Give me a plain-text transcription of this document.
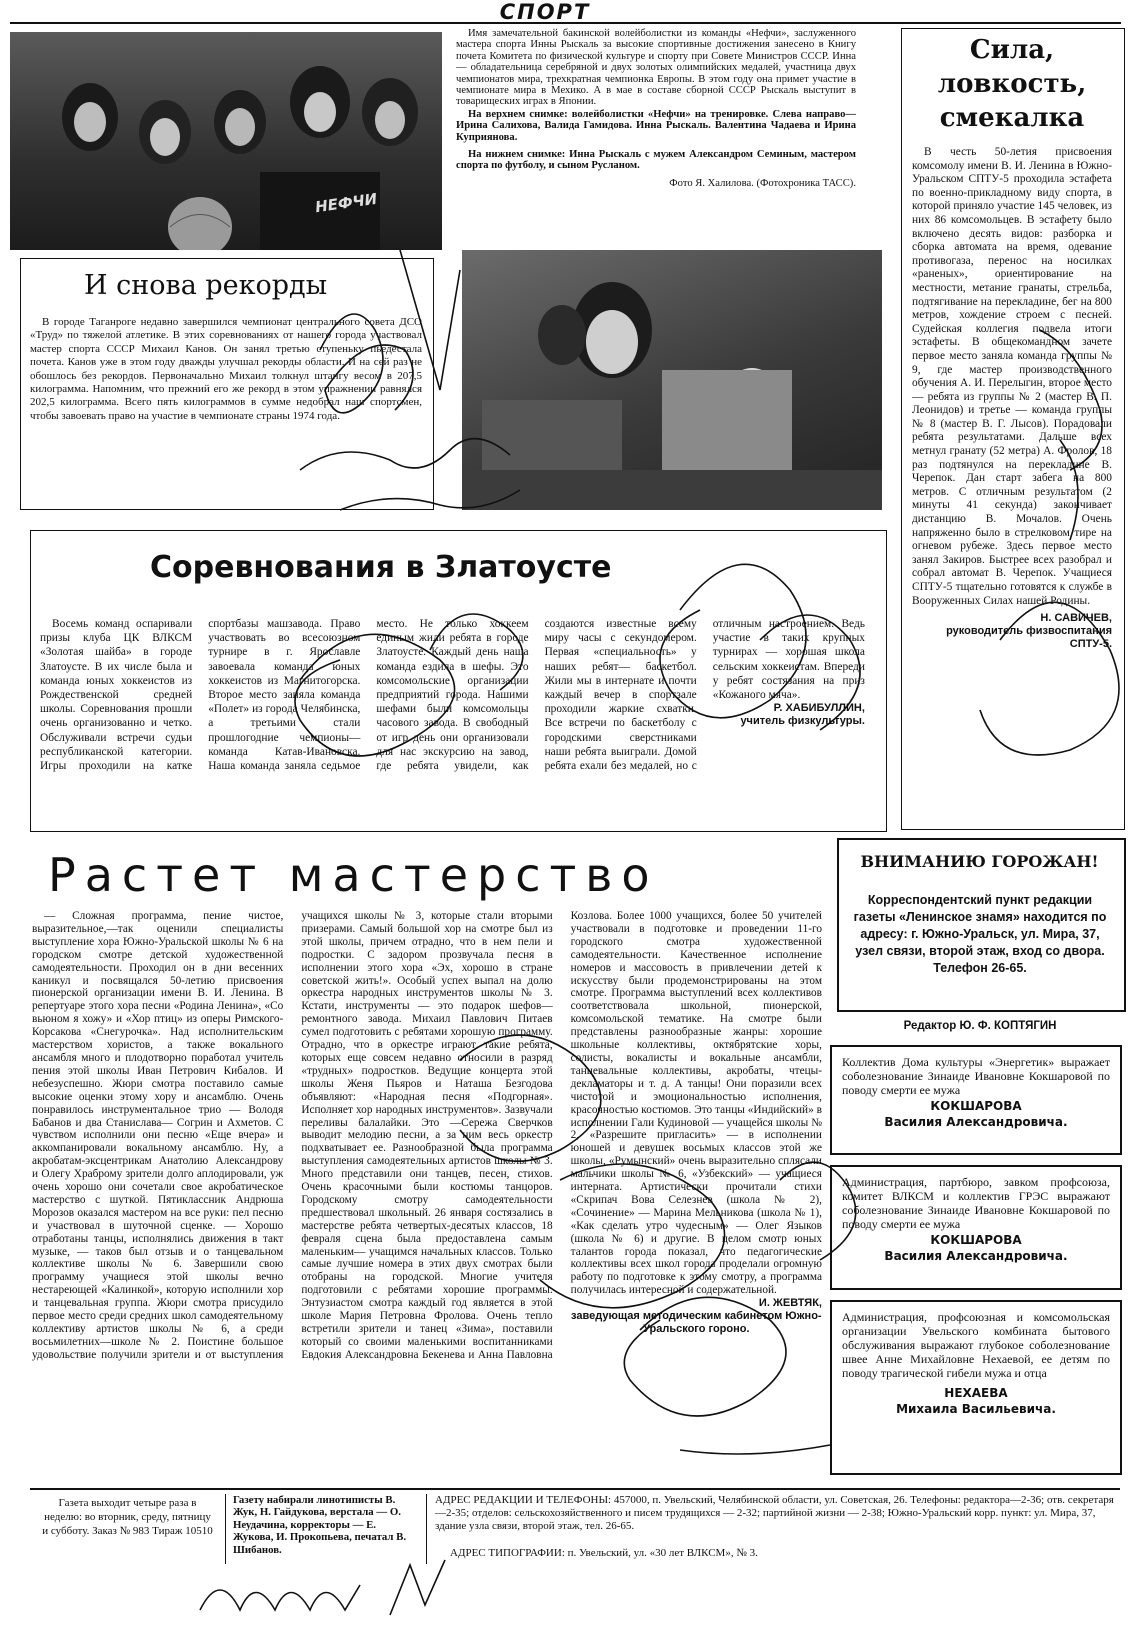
СПОРТ
НЕФЧИ

Имя замечательной бакинской волейболистки из команды «Нефчи», заслуженного мастера спорта Инны Рыскаль за высокие спортивные достижения занесено в Книгу почета Комитета по физической культуре и спорту при Совете Министров СССР. Инна — обладательница серебряной и двух золотых олимпийских медалей, участница двух чемпионатов мира, трехкратная чемпионка Европы. В этом году она примет участие в чемпионате мира в Мехико. А в мае в составе сборной СССР Рыскаль выступит в товарищеских играх в Японии.

На верхнем снимке: волейболистки «Нефчи» на тренировке. Слева направо—Ирина Салихова, Валида Гамидова. Инна Рыскаль. Валентина Чадаева и Ирина Куприянова.

На нижнем снимке: Инна Рыскаль с мужем Александром Семиным, мастером спорта по футболу, и сыном Русланом.

Фото Я. Халилова. (Фотохроника ТАСС).
Сила, ловкость, смекалка

В честь 50-летия присвоения комсомолу имени В. И. Ленина в Южно-Уральском СПТУ-5 проходила эстафета по военно-прикладному виду спорта, в которой приняло участие 145 человек, из них 86 комсомольцев. В эстафету было включено десять видов: разборка и сборка автомата на время, одевание противогаза, перенос на носилках «раненых», ориентирование на местности, метание гранаты, стрельба, подтягивание на перекладине, бег на 800 метров, хождение строем с песней. Судейская коллегия подвела итоги эстафеты. В общекомандном зачете первое место заняла команда группы № 9, где мастер производственного обучения А. И. Перелыгин, второе место — ребята из группы № 2 (мастер В. П. Леонидов) и третье — команда группы № 8 (мастер В. Г. Лысов). Порадовали ребята результатами. Дальше всех метнул гранату (52 метра) А. Фролов, 18 раз подтянулся на перекладине В. Черепок. Дан старт забега на 800 метров. С отличным результатом (2 минуты 41 секунда) закончивает дистанцию В. Мочалов. Очень напряженно было в стрелковом тире на огневом рубеже. Здесь первое место занял Закиров. Быстрее всех разобрал и собрал автомат В. Черепок. Учащиеся СПТУ-5 тщательно готовятся к службе в Вооруженных Силах нашей Родины.

Н. САВИЧЕВ,
руководитель физвоспитания СПТУ-5.
И снова рекорды

В городе Таганроге недавно завершился чемпионат центрального совета ДСО «Труд» по тяжелой атлетике. В этих соревнованиях от нашего города участвовал мастер спорта СССР Михаил Канов. Он занял третью ступеньку пьедестала почета. Канов уже в этом году дважды улучшал рекорды области. И на сей раз не обошлось без рекордов. Первоначально Михаил толкнул штангу весом в 207,5 килограмма. Напомним, что прежний его же рекорд в этом упражнении равнялся 202,5 килограмма. Всего пять килограммов в сумме недобрал наш спортсмен, чтобы завоевать право на участие в чемпионате страны 1974 года.

Соревнования в Златоусте

Восемь команд оспаривали призы клуба ЦК ВЛКСМ «Золотая шайба» в городе Златоусте. В их числе была и команда юных хоккеистов из Рождественской средней школы. Соревнования прошли очень организованно и четко. Обслуживали встречи судьи республиканской категории. Игры проходили на катке спортбазы машзавода. Право участвовать во всесоюзном турнире в г. Ярославле завоевала команда юных хоккеистов из Магнитогорска. Второе место заняла команда «Полет» из города Челябинска, а третьими стали прошлогодние чемпионы—команда Катав-Ивановска. Наша команда заняла седьмое место. Не только хоккеем единым жили ребята в городе Златоусте. Каждый день наша команда ездила в шефы. Это комсомольские организации предприятий города. Нашими шефами были комсомольцы часового завода. В свободный от игр день они организовали для нас экскурсию на завод, где ребята увидели, как создаются известные всему миру часы с секундомером. Первая «специальность» у наших ребят— баскетбол. Жили мы в интернате и почти каждый вечер в спортзале проходили жаркие схватки. Все встречи по баскетболу с городскими сверстниками наши ребята выиграли. Домой ребята ехали без медалей, но с отличным настроением. Ведь участие в таких крупных турнирах — хорошая школа сельским хоккеистам. Впереди у ребят состязания на приз «Кожаного мяча».

Р. ХАБИБУЛЛИН,
учитель физкультуры.
Растет мастерство

— Сложная программа, пение чистое, выразительное,—так оценили специалисты выступление хора Южно-Уральской школы № 6 на городском смотре детской художественной самодеятельности. Проходил он в дни весенних каникул и посвящался 50-летию присвоения пионерской организации имени В. И. Ленина. В репертуаре этого хора песни «Родина Ленина», «Со вьюном я хожу» и «Хор птиц» из оперы Римского-Корсакова «Снегурочка». Над исполнительским мастерством хористов, а также вокального ансамбля много и плодотворно поработал учитель пения этой школы Иван Петрович Кибалов. И небезуспешно. Жюри смотра поставило самые высокие оценки этому хору и ансамблю. Очень понравилось инструментальное трио — Володя Бабанов и два Станислава— Согрин и Ахметов. С чувством исполнили они песню «Еще вчера» и аккомпанировали вокальному ансамблю. Ну, а акробатам-эксцентрикам Анатолию Александрову и Олегу Храброму зрители долго аплодировали, уж очень хорошо они сочетали свое акробатическое мастерство с шуткой. Пятиклассник Андрюша Морозов оказался мастером на все руки: пел песню и участвовал в шуточной сценке. — Хорошо отработаны танцы, исполнялись движения в такт музыке, — таков был отзыв и о танцевальном коллективе школы № 6. Завершили свою программу учащиеся этой школы вечно нестареющей «Калинкой», которую исполнили хор и танцевальная группа. Жюри смотра присудило первое место среди средних школ самодеятельному коллективу артистов школы № 6, а среди восьмилетних—школе № 2. Поистине большое удовольствие получили зрители и от выступления учащихся школы № 3, которые стали вторыми призерами. Самый большой хор на смотре был из этой школы, причем отрадно, что в нем пели и подростки. С задором прозвучала песня в исполнении этого хора «Эх, хорошо в стране советской жить!». Особый успех выпал на долю оркестра народных инструментов школы № 3. Кстати, инструменты — это подарок шефов—ремонтного завода. Михаил Павлович Питаев сумел подготовить с ребятами хорошую программу. Отрадно, что в оркестре играют такие ребята, которых еще совсем недавно относили в разряд «трудных» подростков. Ведущие концерта этой школы Женя Пьяров и Наташа Безгодова объявляют: «Народная песня «Подгорная». Исполняет хор народных инструментов». Зазвучали переливы балалайки. Это —Сережа Сверчков выводит мелодию песни, а за ним весь оркестр подхватывает ее. Разнообразной была программа выступления самодеятельных артистов школы № 3. Много представили они танцев, песен, стихов. Очень красочными были костюмы танцоров. Городскому смотру самодеятельности предшествовал школьный. 26 января состязались в мастерстве ребята четвертых-десятых классов, 18 февраля сцена была предоставлена самым маленьким— учащимся начальных классов. Только самые лучшие номера в этих двух смотрах были отобраны на городской. Многие учителя подготовили с ребятами хорошие программы. Энтузиастом смотра каждый год является в этой школе Мария Петровна Фролова. Очень тепло встретили зрители и танец «Зима», поставили который со своими маленькими воспитанниками Евдокия Александровна Бекенева и Анна Павловна Козлова. Более 1000 учащихся, более 50 учителей участвовали в подготовке и проведении 11-го городского смотра художественной самодеятельности. Качественное исполнение номеров и массовость в привлечении детей к искусству были продемонстрированы на этом смотре. Программа выступлений всех коллективов соответствовала школьной, пионерской, комсомольской тематике. На смотре были представлены разнообразные жанры: хорошие школьные коллективы, октябрятские хоры, солисты, вокалисты и вокальные ансамбли, танцевальные коллективы, акробаты, чтецы-декламаторы и т. д. А танцы! Они поразили всех чистотой и эмоциональностью исполнения, красочностью костюмов. Это танцы «Индийский» в исполнении Гали Кудиновой — учащейся школы № 2, «Разрешите пригласить» — в исполнении юношей и девушек восьмых классов этой же школы, «Румынский» очень выразительно сплясали мальчики школы № 6, «Узбекский» — учащиеся интерната. Артистически прочитали стихи «Скрипач Вова Селезнев (школа № 2), «Сочинение» — Марина Мельникова (школа № 1), «Как сделать утро чудесным» — Олег Языков (школа № 6) и другие. В целом смотр юных талантов города показал, что педагогические коллективы всех школ города проделали огромную работу по подготовке к этому смотру, а программа получилась интересной и содержательной.

И. ЖЕВТЯК,
заведующая методическим кабинетом Южно-Уральского гороно.
ВНИМАНИЮ ГОРОЖАН!
Корреспондентский пункт редакции газеты «Ленинское знамя» находится по адресу: г. Южно-Уральск, ул. Мира, 37, узел связи, второй этаж, вход со двора. Телефон 26-65.
Редактор Ю. Ф. КОПТЯГИН
Коллектив Дома культуры «Энергетик» выражает соболезнование Зинаиде Ивановне Кокшаровой по поводу смерти ее мужа
КОКШАРОВА
Василия Александровича.
Администрация, партбюро, завком профсоюза, комитет ВЛКСМ и коллектив ГРЭС выражают соболезнование Зинаиде Ивановне Кокшаровой по поводу смерти ее мужа
КОКШАРОВА
Василия Александровича.
Администрация, профсоюзная и комсомольская организации Увельского комбината бытового обслуживания выражают глубокое соболезнование швее Анне Михайловне Нехаевой, ее детям по поводу трагической гибели мужа и отца
НЕХАЕВА
Михаила Васильевича.
Газета выходит четыре раза в неделю: во вторник, среду, пятницу и субботу. Заказ № 983 Тираж 10510
Газету набирали линотиписты В. Жук, Н. Гайдукова, верстала — О. Неудачина, корректоры — Е. Жукова, И. Прокопьева, печатал В. Шибанов.
АДРЕС РЕДАКЦИИ И ТЕЛЕФОНЫ: 457000, п. Увельский, Челябинской области, ул. Советская, 26. Телефоны: редактора—2-36; отв. секретаря —2-35; отделов: сельскохозяйственного и писем трудящихся — 2-32; партийной жизни — 2-38; Южно-Уральский корр. пункт: ул. Мира, 37, здание узла связи, второй этаж, тел. 26-65.
АДРЕС ТИПОГРАФИИ: п. Увельский, ул. «30 лет ВЛКСМ», № 3.
